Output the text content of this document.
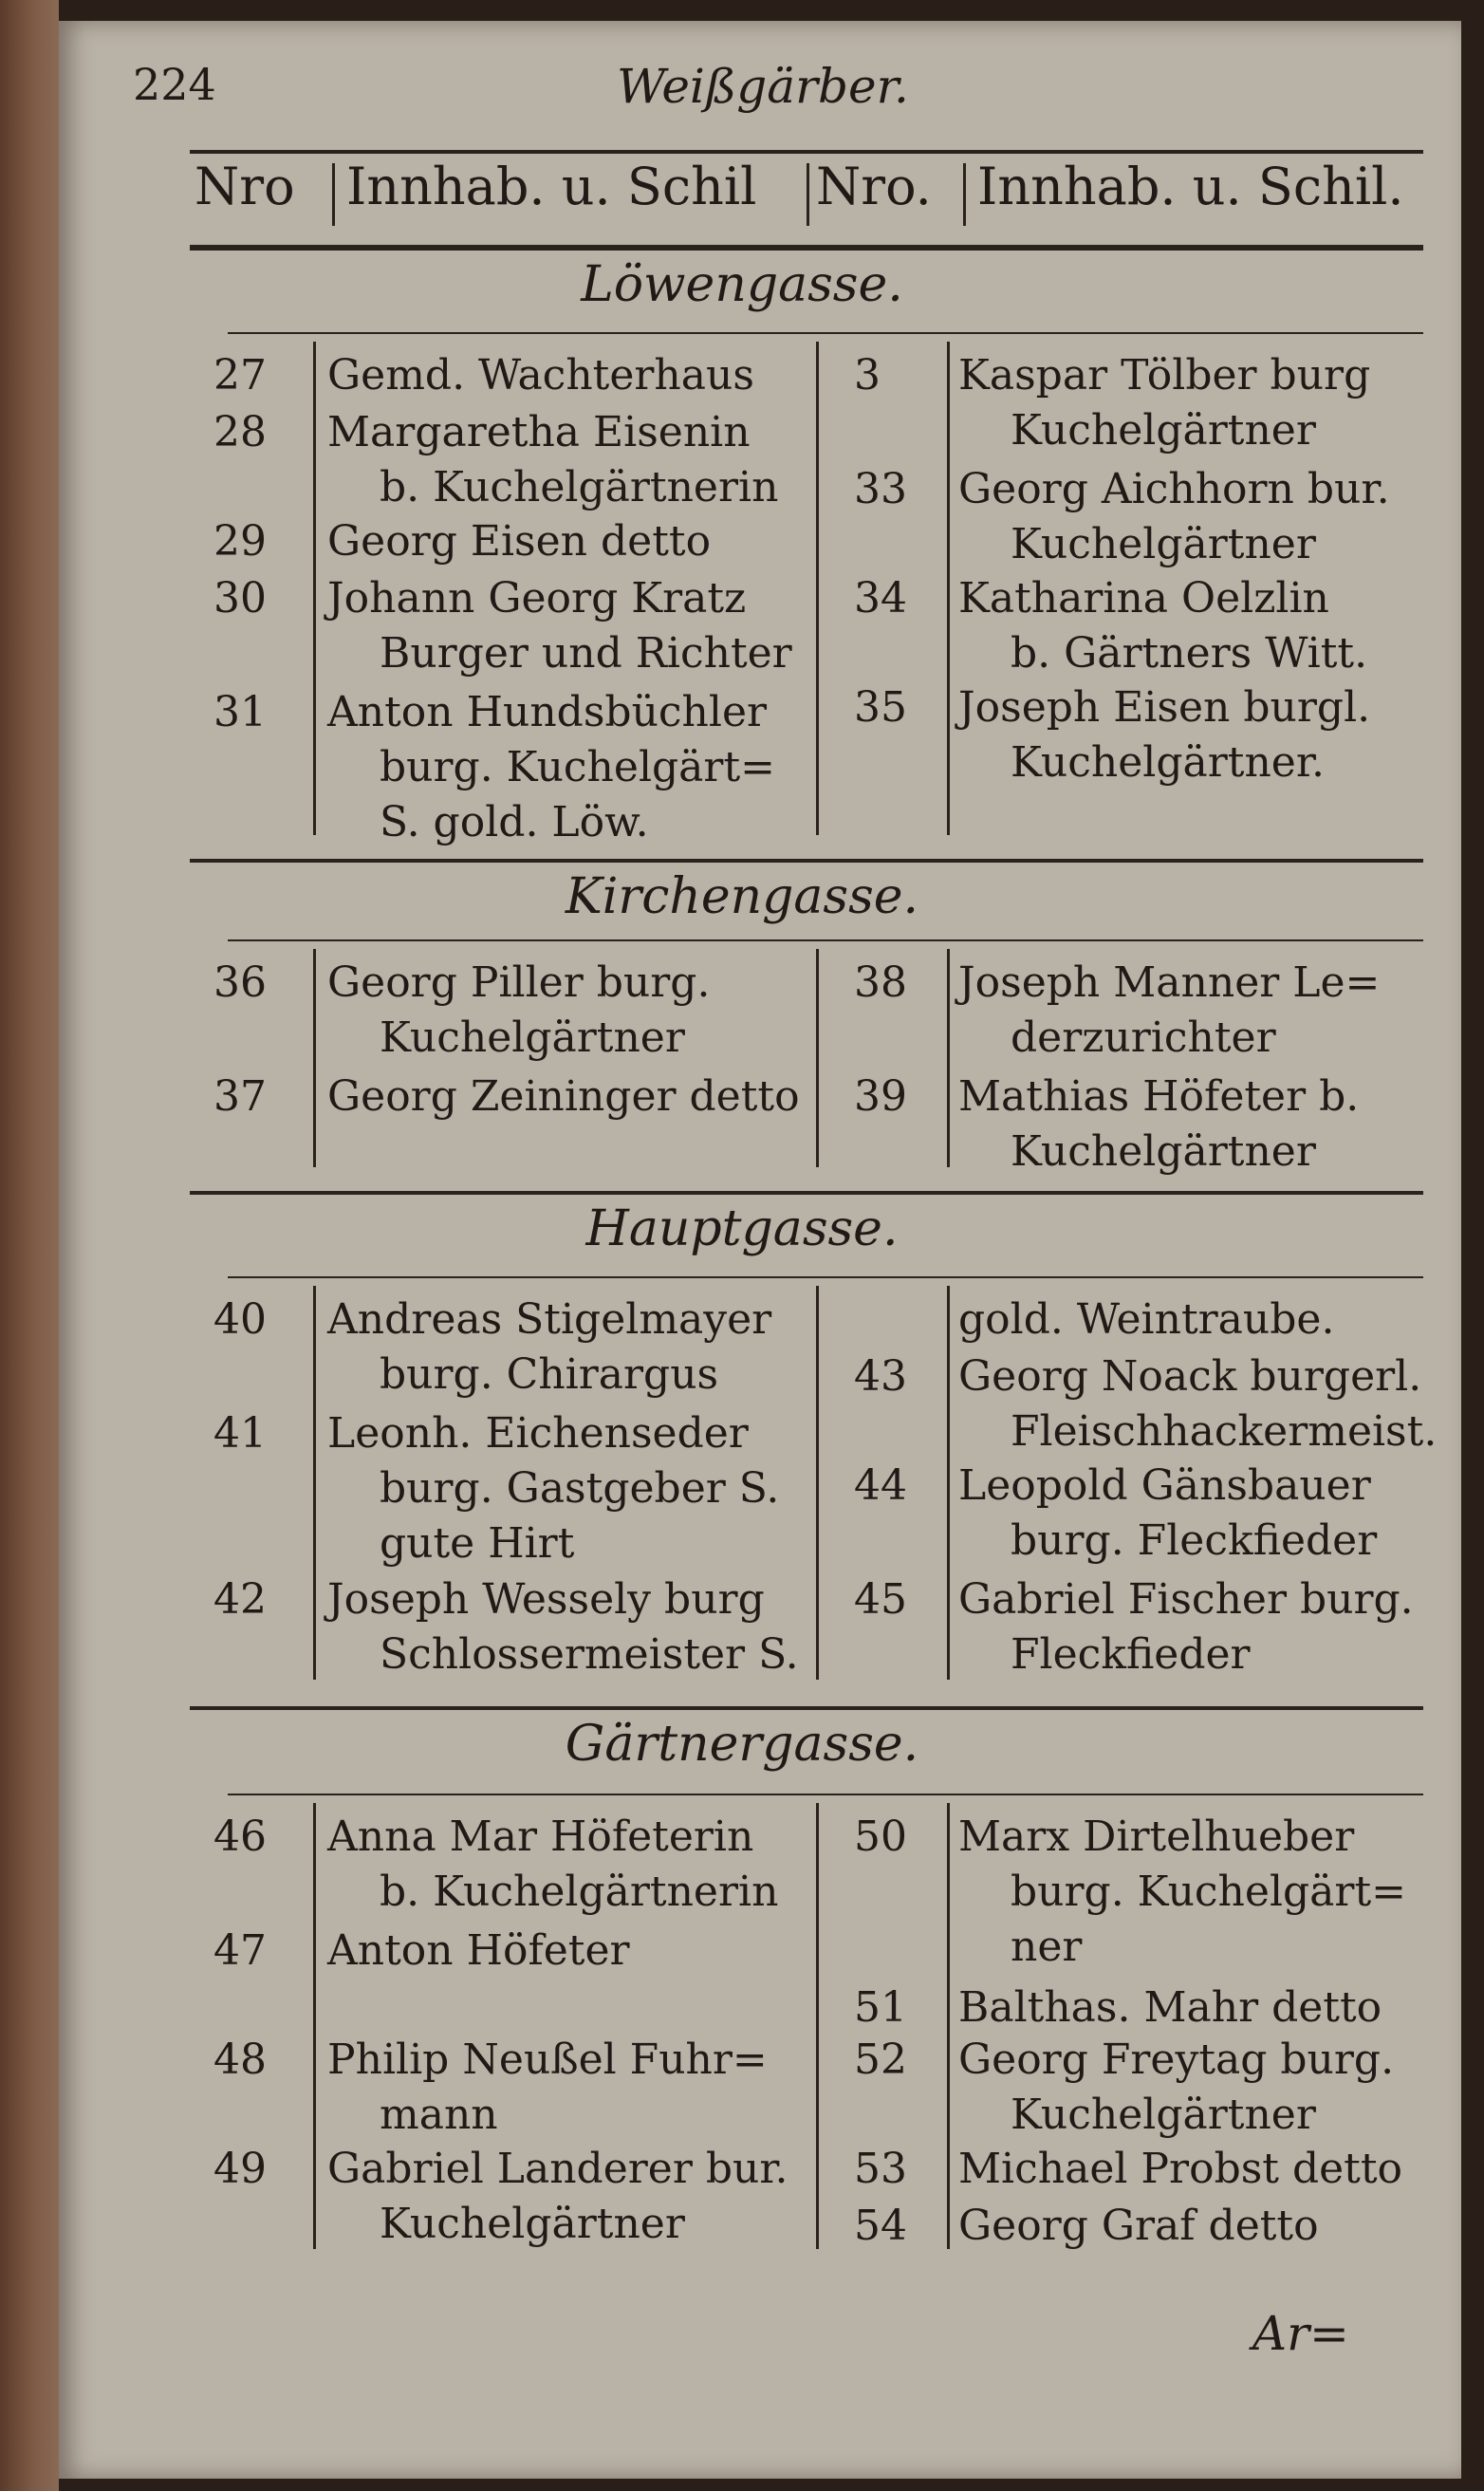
224	Weißgärber.
Nro Innhab. u. Schil Nro. Innhab. u. Schil.
Löwengasse.
27 Gemd. Wachterhaus
28 Margaretha Eisenin
b. Kuchelgärtnerin
29 Georg Eisen detto
30 Johann Georg Kratz
Burger und Richter
31 Anton Hundsbüchler
burg. Kuchelgärt=
S. gold. Löw.
3 Kaspar Tölber burg
Kuchelgärtner
33 Georg Aichhorn bur.
Kuchelgärtner
34 Katharina Oelzlin
b. Gärtners Witt.
35 Joseph Eisen burgl.
Kuchelgärtner.
Kirchengasse.
36 Georg Piller burg.
Kuchelgärtner
37 Georg Zeininger detto
38 Joseph Manner Le=
derzurichter
39 Mathias Höfeter b.
Kuchelgärtner
Hauptgasse.
40 Andreas Stigelmayer
burg. Chirargus
41 Leonh. Eichenseder
burg. Gastgeber S.
gute Hirt
42 Joseph Wessely burg
Schlossermeister S.
gold. Weintraube.
43 Georg Noack burgerl.
Fleischhackermeist.
44 Leopold Gänsbauer
burg. Fleckfieder
45 Gabriel Fischer burg.
Fleckfieder
Gärtnergasse.
46 Anna Mar Höfeterin
b. Kuchelgärtnerin
47 Anton Höfeter
48 Philip Neußel Fuhr=
mann
49 Gabriel Landerer bur.
Kuchelgärtner
50 Marx Dirtelhueber
burg. Kuchelgärt=
ner
51 Balthas. Mahr detto
52 Georg Freytag burg.
Kuchelgärtner
53 Michael Probst detto
54 Georg Graf detto
Ar=
